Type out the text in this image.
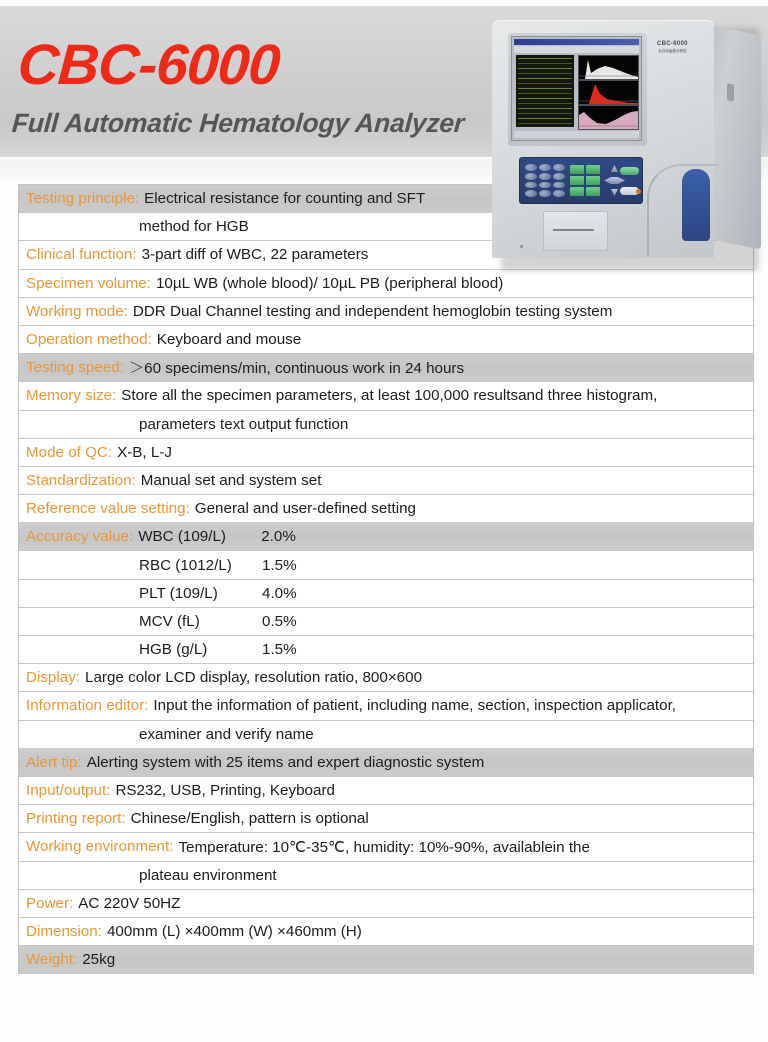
CBC-6000
Full Automatic Hematology Analyzer
CBC-6000
全自动血液分析仪
Testing principle: Electrical resistance for counting and SFT
method for HGB
Clinical function: 3-part diff of WBC, 22 parameters
Specimen volume: 10µL WB (whole blood)/ 10µL PB (peripheral blood)
Working mode: DDR Dual Channel testing and independent hemoglobin testing system
Operation method: Keyboard and mouse
Testing speed: ＞60 specimens/min, continuous work in 24 hours
Memory size: Store all the specimen parameters, at least 100,000 resultsand three histogram,
parameters text output function
Mode of QC: X-B, L-J
Standardization: Manual set and system set
Reference value setting: General and user-defined setting
Accuracy value: WBC (109/L)	2.0%
RBC (1012/L)	1.5%
PLT (109/L)	4.0%
MCV (fL)	0.5%
HGB (g/L)	1.5%
Display: Large color LCD display, resolution ratio, 800×600
Information editor: Input the information of patient, including name, section, inspection applicator,
examiner and verify name
Alert tip: Alerting system with 25 items and expert diagnostic system
Input/output: RS232, USB, Printing, Keyboard
Printing report: Chinese/English, pattern is optional
Working environment: Temperature: 10℃-35℃, humidity: 10%-90%, availablein the
plateau environment
Power: AC 220V 50HZ
Dimension: 400mm (L) ×400mm (W) ×460mm (H)
Weight: 25kg
